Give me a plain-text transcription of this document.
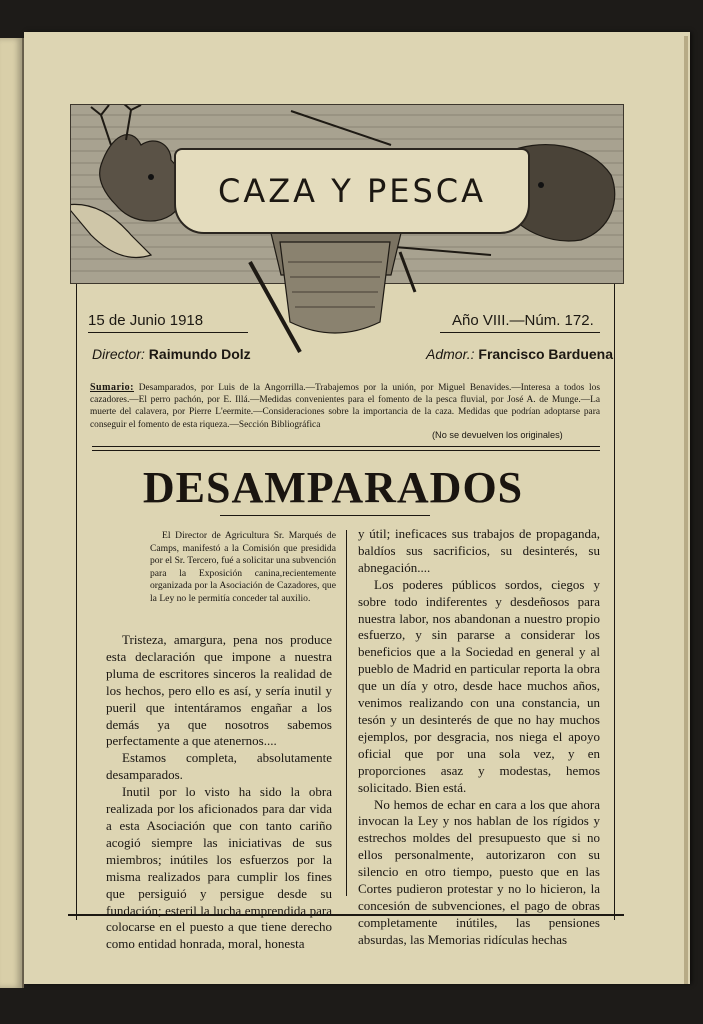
CAZA Y PESCA
15 de Junio 1918	Año VIII.—Núm. 172.
Director: Raimundo Dolz	Admor.: Francisco Barduena
Sumario: Desamparados, por Luis de la Angorrilla.—Trabajemos por la unión, por Miguel Benavides.—Interesa a todos los cazadores.—El perro pachón, por E. Illá.—Medidas convenientes para el fomento de la pesca fluvial, por José A. de Munge.—La muerte del calavera, por Pierre L'eermite.—Consideraciones sobre la importancia de la caza. Medidas que podrían adoptarse para conseguir el fomento de esta riqueza.—Sección Bibliográfica
(No se devuelven los originales)
DESAMPARADOS

El Director de Agricultura Sr. Marqués de Camps, manifestó a la Comisión que presidida por el Sr. Tercero, fué a solicitar una subvención para la Exposición canina,recientemente organizada por la Asociación de Cazadores, que la Ley no le permitía conceder tal auxilio.

Tristeza, amargura, pena nos produce esta declaración que impone a nuestra pluma de escritores sinceros la realidad de los hechos, pero ello es así, y sería inutil y pueril que intentáramos engañar a los demás ya que nosotros sabemos perfectamente a que atenernos....

Estamos completa, absolutamente desamparados.

Inutil por lo visto ha sido la obra realizada por los aficionados para dar vida a esta Asociación que con tanto cariño acogió siempre las iniciativas de sus miembros; inútiles los esfuerzos por la misma realizados para cumplir los fines que persiguió y persigue desde su fundación; esteril la lucha emprendida para colocarse en el puesto a que tiene derecho como entidad honrada, moral, honesta

y útil; ineficaces sus trabajos de propaganda, baldíos sus sacrificios, su desinterés, su abnegación....

Los poderes públicos sordos, ciegos y sobre todo indiferentes y desdeñosos para nuestra labor, nos abandonan a nuestro propio esfuerzo, y sin pararse a considerar los beneficios que a la Sociedad en general y al pueblo de Madrid en particular reporta la obra que un día y otro, desde hace muchos años, venimos realizando con una constancia, un tesón y un desinterés de que no hay muchos ejemplos, por desgracia, nos niega el apoyo oficial que por una sola vez, y en proporciones asaz y modestas, hemos solicitado. Bien está.

No hemos de echar en cara a los que ahora invocan la Ley y nos hablan de los rígidos y estrechos moldes del presupuesto que si no ellos personalmente, autorizaron con su silencio en otro tiempo, puesto que en las Cortes pudieron protestar y no lo hicieron, la concesión de subvenciones, el pago de obras completamente inútiles, las pensiones absurdas, las Memorias ridículas hechas
